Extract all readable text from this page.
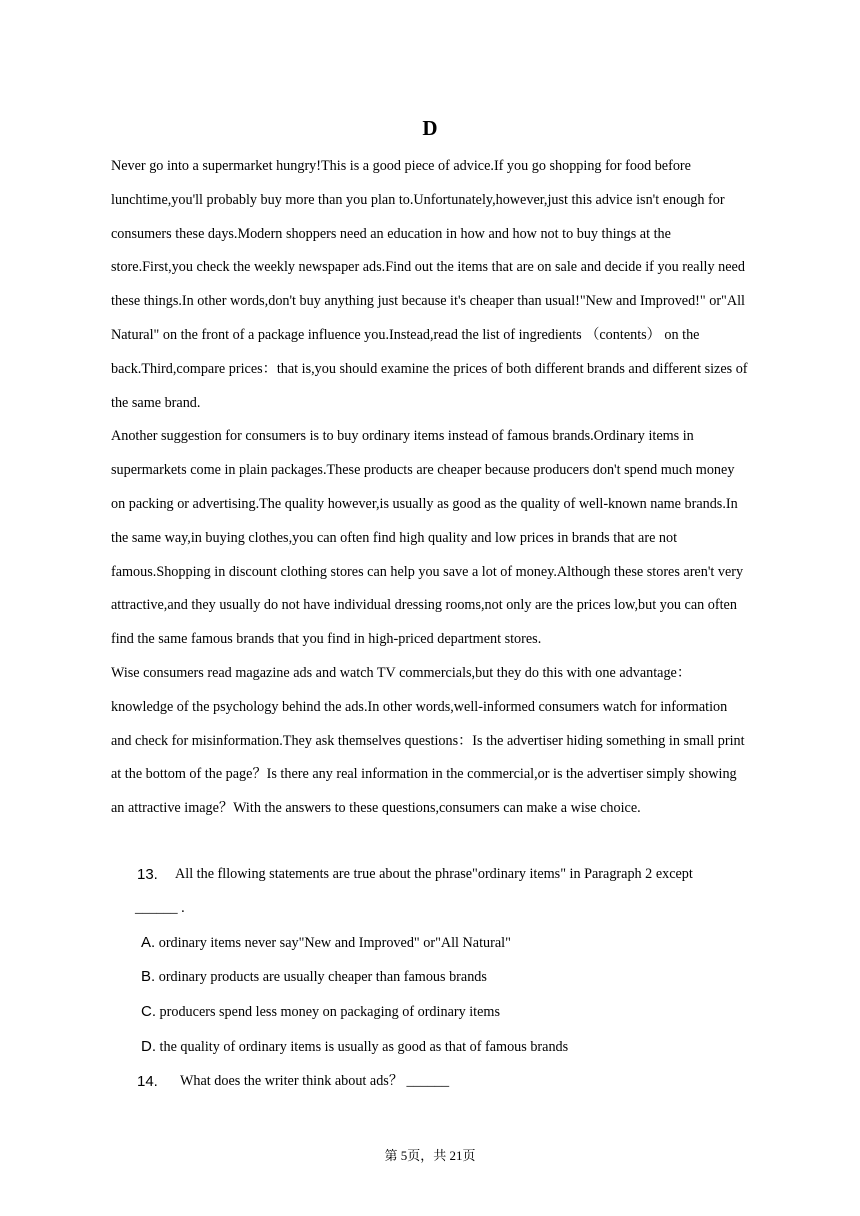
D

Never go into a supermarket hungry!This is a good piece of advice.If you go shopping for food before lunchtime,you'll probably buy more than you plan to.Unfortunately,however,just this advice isn't enough for consumers these days.Modern shoppers need an education in how and how not to buy things at the store.First,you check the weekly newspaper ads.Find out the items that are on sale and decide if you really need these things.In other words,don't buy anything just because it's cheaper than usual!"New and Improved!" or"All Natural" on the front of a package influence you.Instead,read the list of ingredients （contents） on the back.Third,compare prices：that is,you should examine the prices of both different brands and different sizes of the same brand.

Another suggestion for consumers is to buy ordinary items instead of famous brands.Ordinary items in supermarkets come in plain packages.These products are cheaper because producers don't spend much money on packing or advertising.The quality however,is usually as good as the quality of well-known name brands.In the same way,in buying clothes,you can often find high quality and low prices in brands that are not famous.Shopping in discount clothing stores can help you save a lot of money.Although these stores aren't very attractive,and they usually do not have individual dressing rooms,not only are the prices low,but you can often find the same famous brands that you find in high-priced department stores.

Wise consumers read magazine ads and watch TV commercials,but they do this with one advantage：knowledge of the psychology behind the ads.In other words,well-informed consumers watch for information and check for misinformation.They ask themselves questions：Is the advertiser hiding something in small print at the bottom of the page？Is there any real information in the commercial,or is the advertiser simply showing an attractive image？With the answers to these questions,consumers can make a wise choice.

13. All the fllowing statements are true about the phrase"ordinary items" in Paragraph 2 except
______ .
A. ordinary items never say"New and Improved" or"All Natural"
B. ordinary products are usually cheaper than famous brands
C. producers spend less money on packaging of ordinary items
D. the quality of ordinary items is usually as good as that of famous brands
14. What does the writer think about ads？ ______
第 5页，共 21页
